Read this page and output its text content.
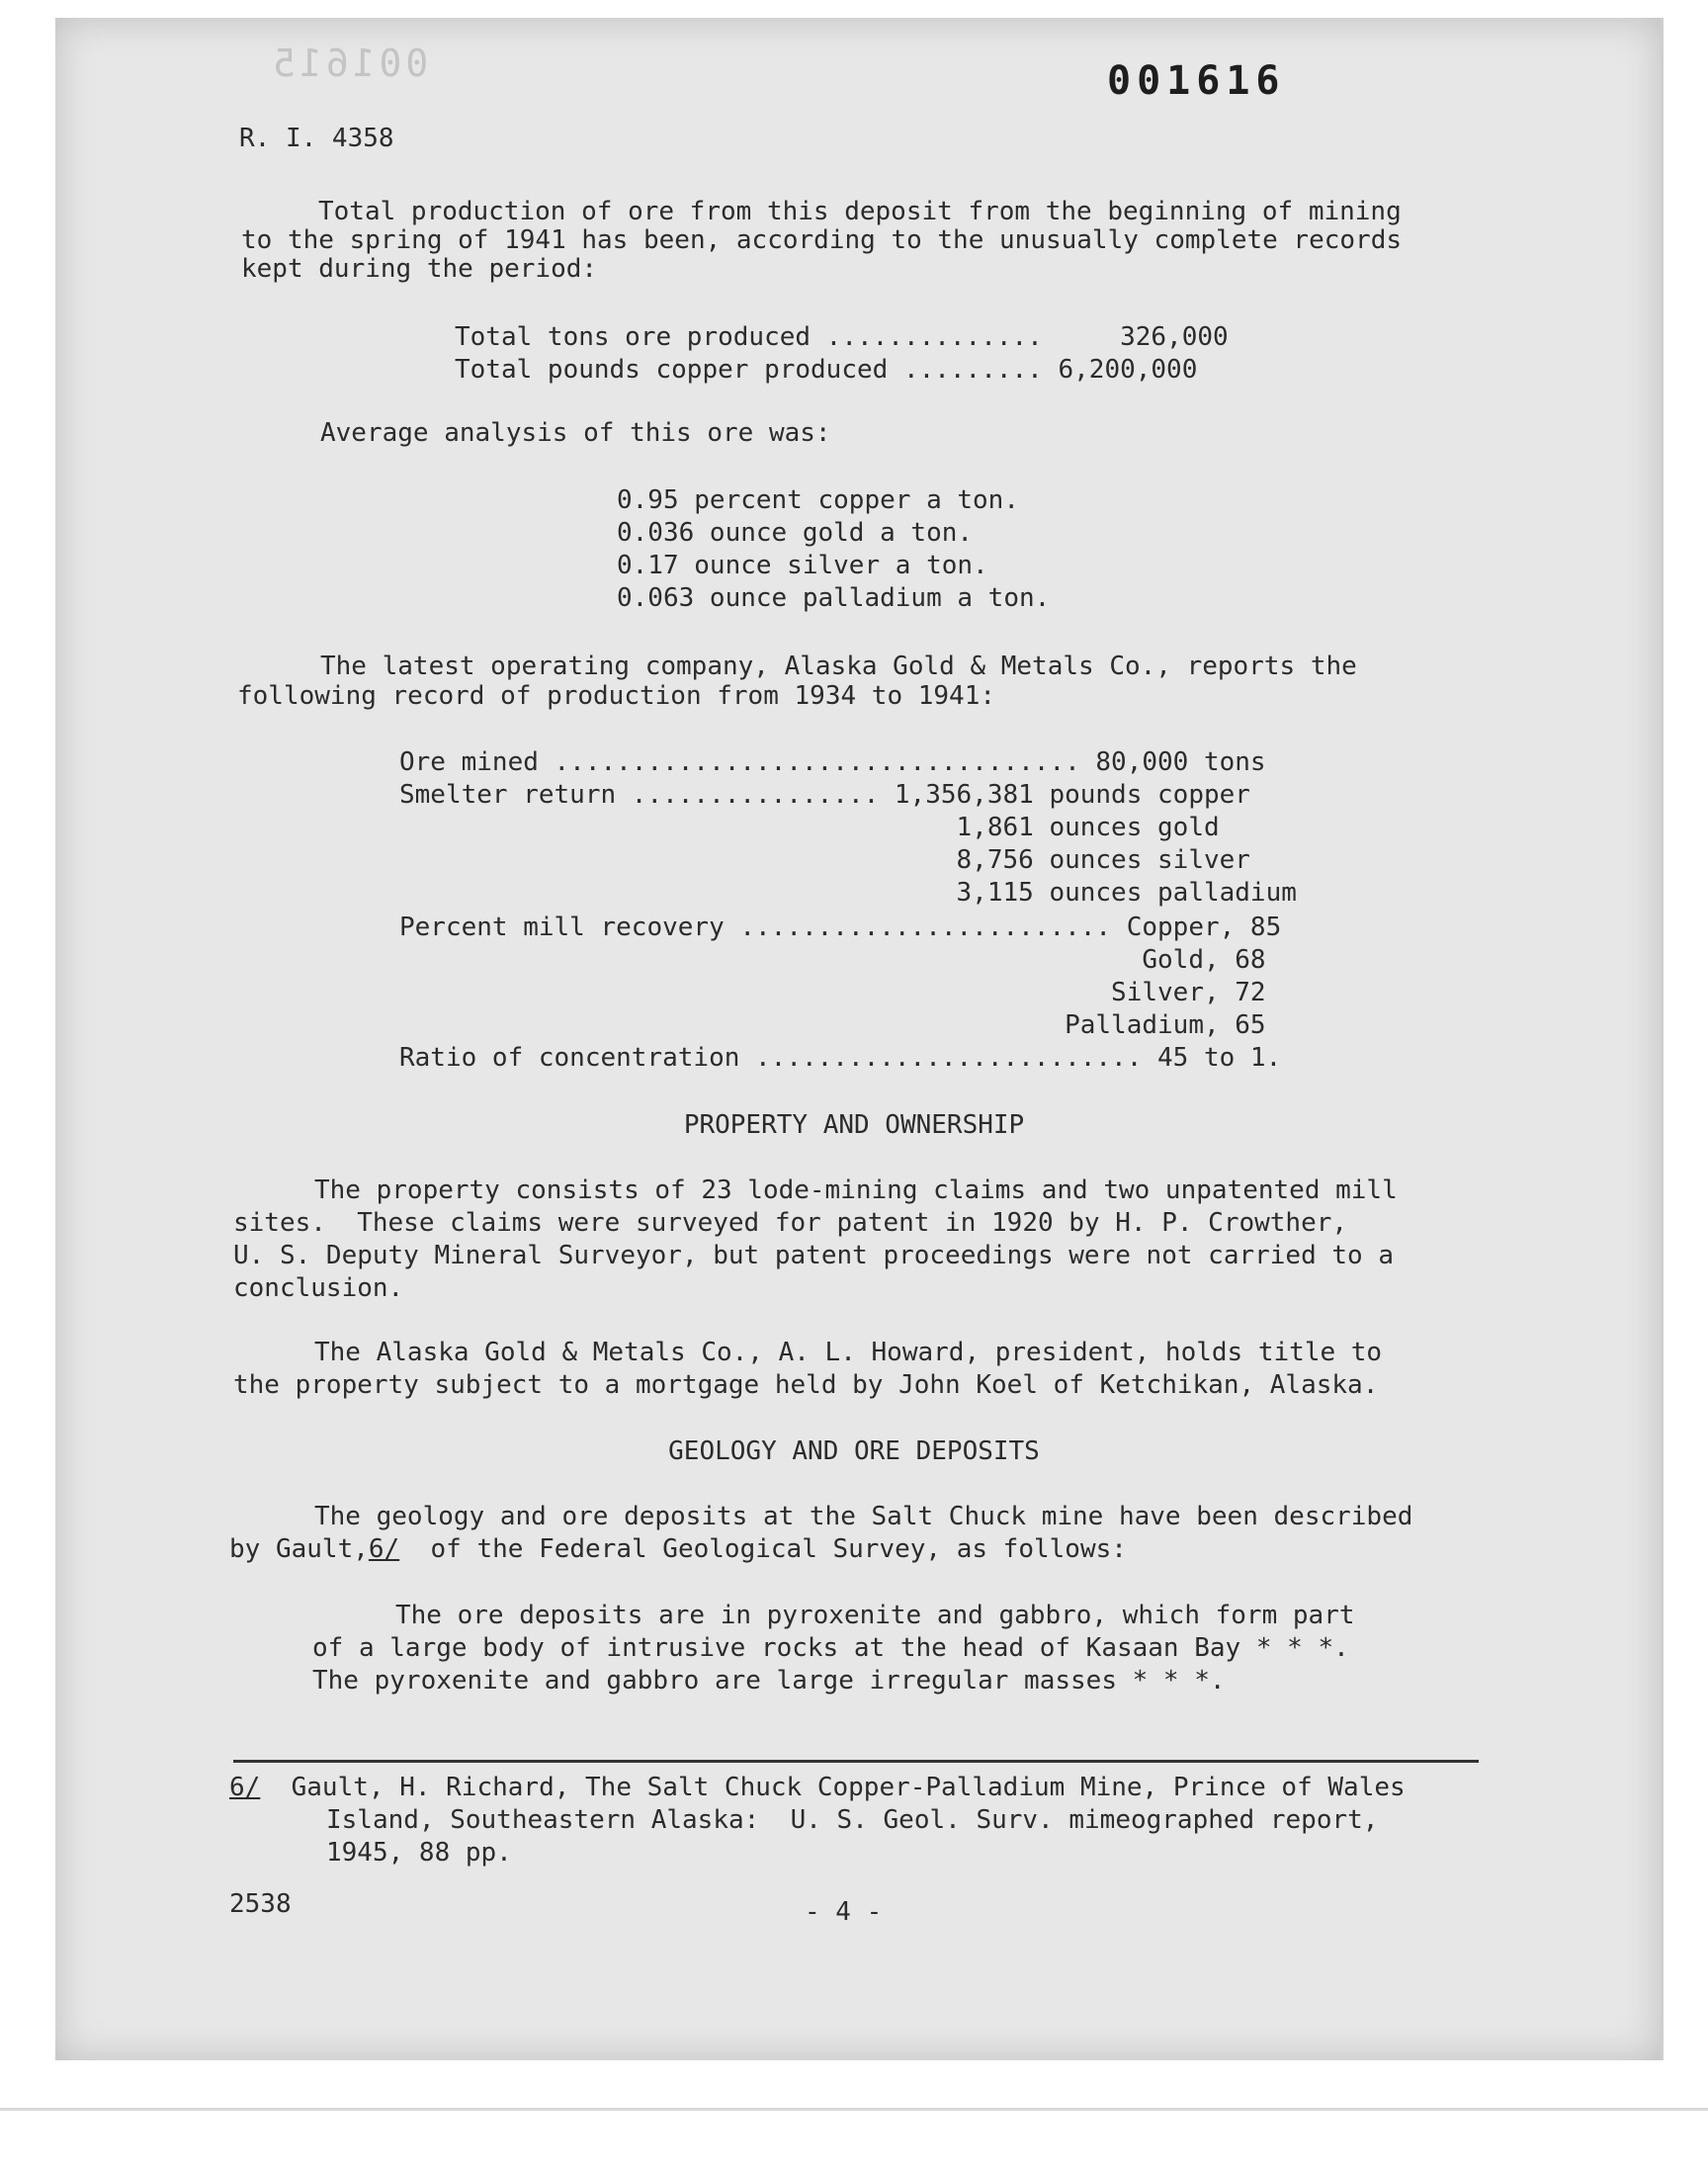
001615	001616
R. I. 4358
Total production of ore from this deposit from the beginning of mining
to the spring of 1941 has been, according to the unusually complete records
kept during the period:
Total tons ore produced ..............     326,000
Total pounds copper produced ......... 6,200,000
Average analysis of this ore was:
0.95 percent copper a ton.
0.036 ounce gold a ton.
0.17 ounce silver a ton.
0.063 ounce palladium a ton.
The latest operating company, Alaska Gold & Metals Co., reports the
following record of production from 1934 to 1941:
Ore mined .................................. 80,000 tons
Smelter return ................ 1,356,381 pounds copper
1,861 ounces gold
8,756 ounces silver
3,115 ounces palladium
Percent mill recovery ........................ Copper, 85
Gold, 68
Silver, 72
Palladium, 65
Ratio of concentration ......................... 45 to 1.
PROPERTY AND OWNERSHIP
The property consists of 23 lode-mining claims and two unpatented mill
sites.  These claims were surveyed for patent in 1920 by H. P. Crowther,
U. S. Deputy Mineral Surveyor, but patent proceedings were not carried to a
conclusion.
The Alaska Gold & Metals Co., A. L. Howard, president, holds title to
the property subject to a mortgage held by John Koel of Ketchikan, Alaska.
GEOLOGY AND ORE DEPOSITS
The geology and ore deposits at the Salt Chuck mine have been described
by Gault,6/  of the Federal Geological Survey, as follows:
The ore deposits are in pyroxenite and gabbro, which form part
of a large body of intrusive rocks at the head of Kasaan Bay * * *.
The pyroxenite and gabbro are large irregular masses * * *.
6/  Gault, H. Richard, The Salt Chuck Copper-Palladium Mine, Prince of Wales
Island, Southeastern Alaska:  U. S. Geol. Surv. mimeographed report,
1945, 88 pp.
2538	- 4 -
